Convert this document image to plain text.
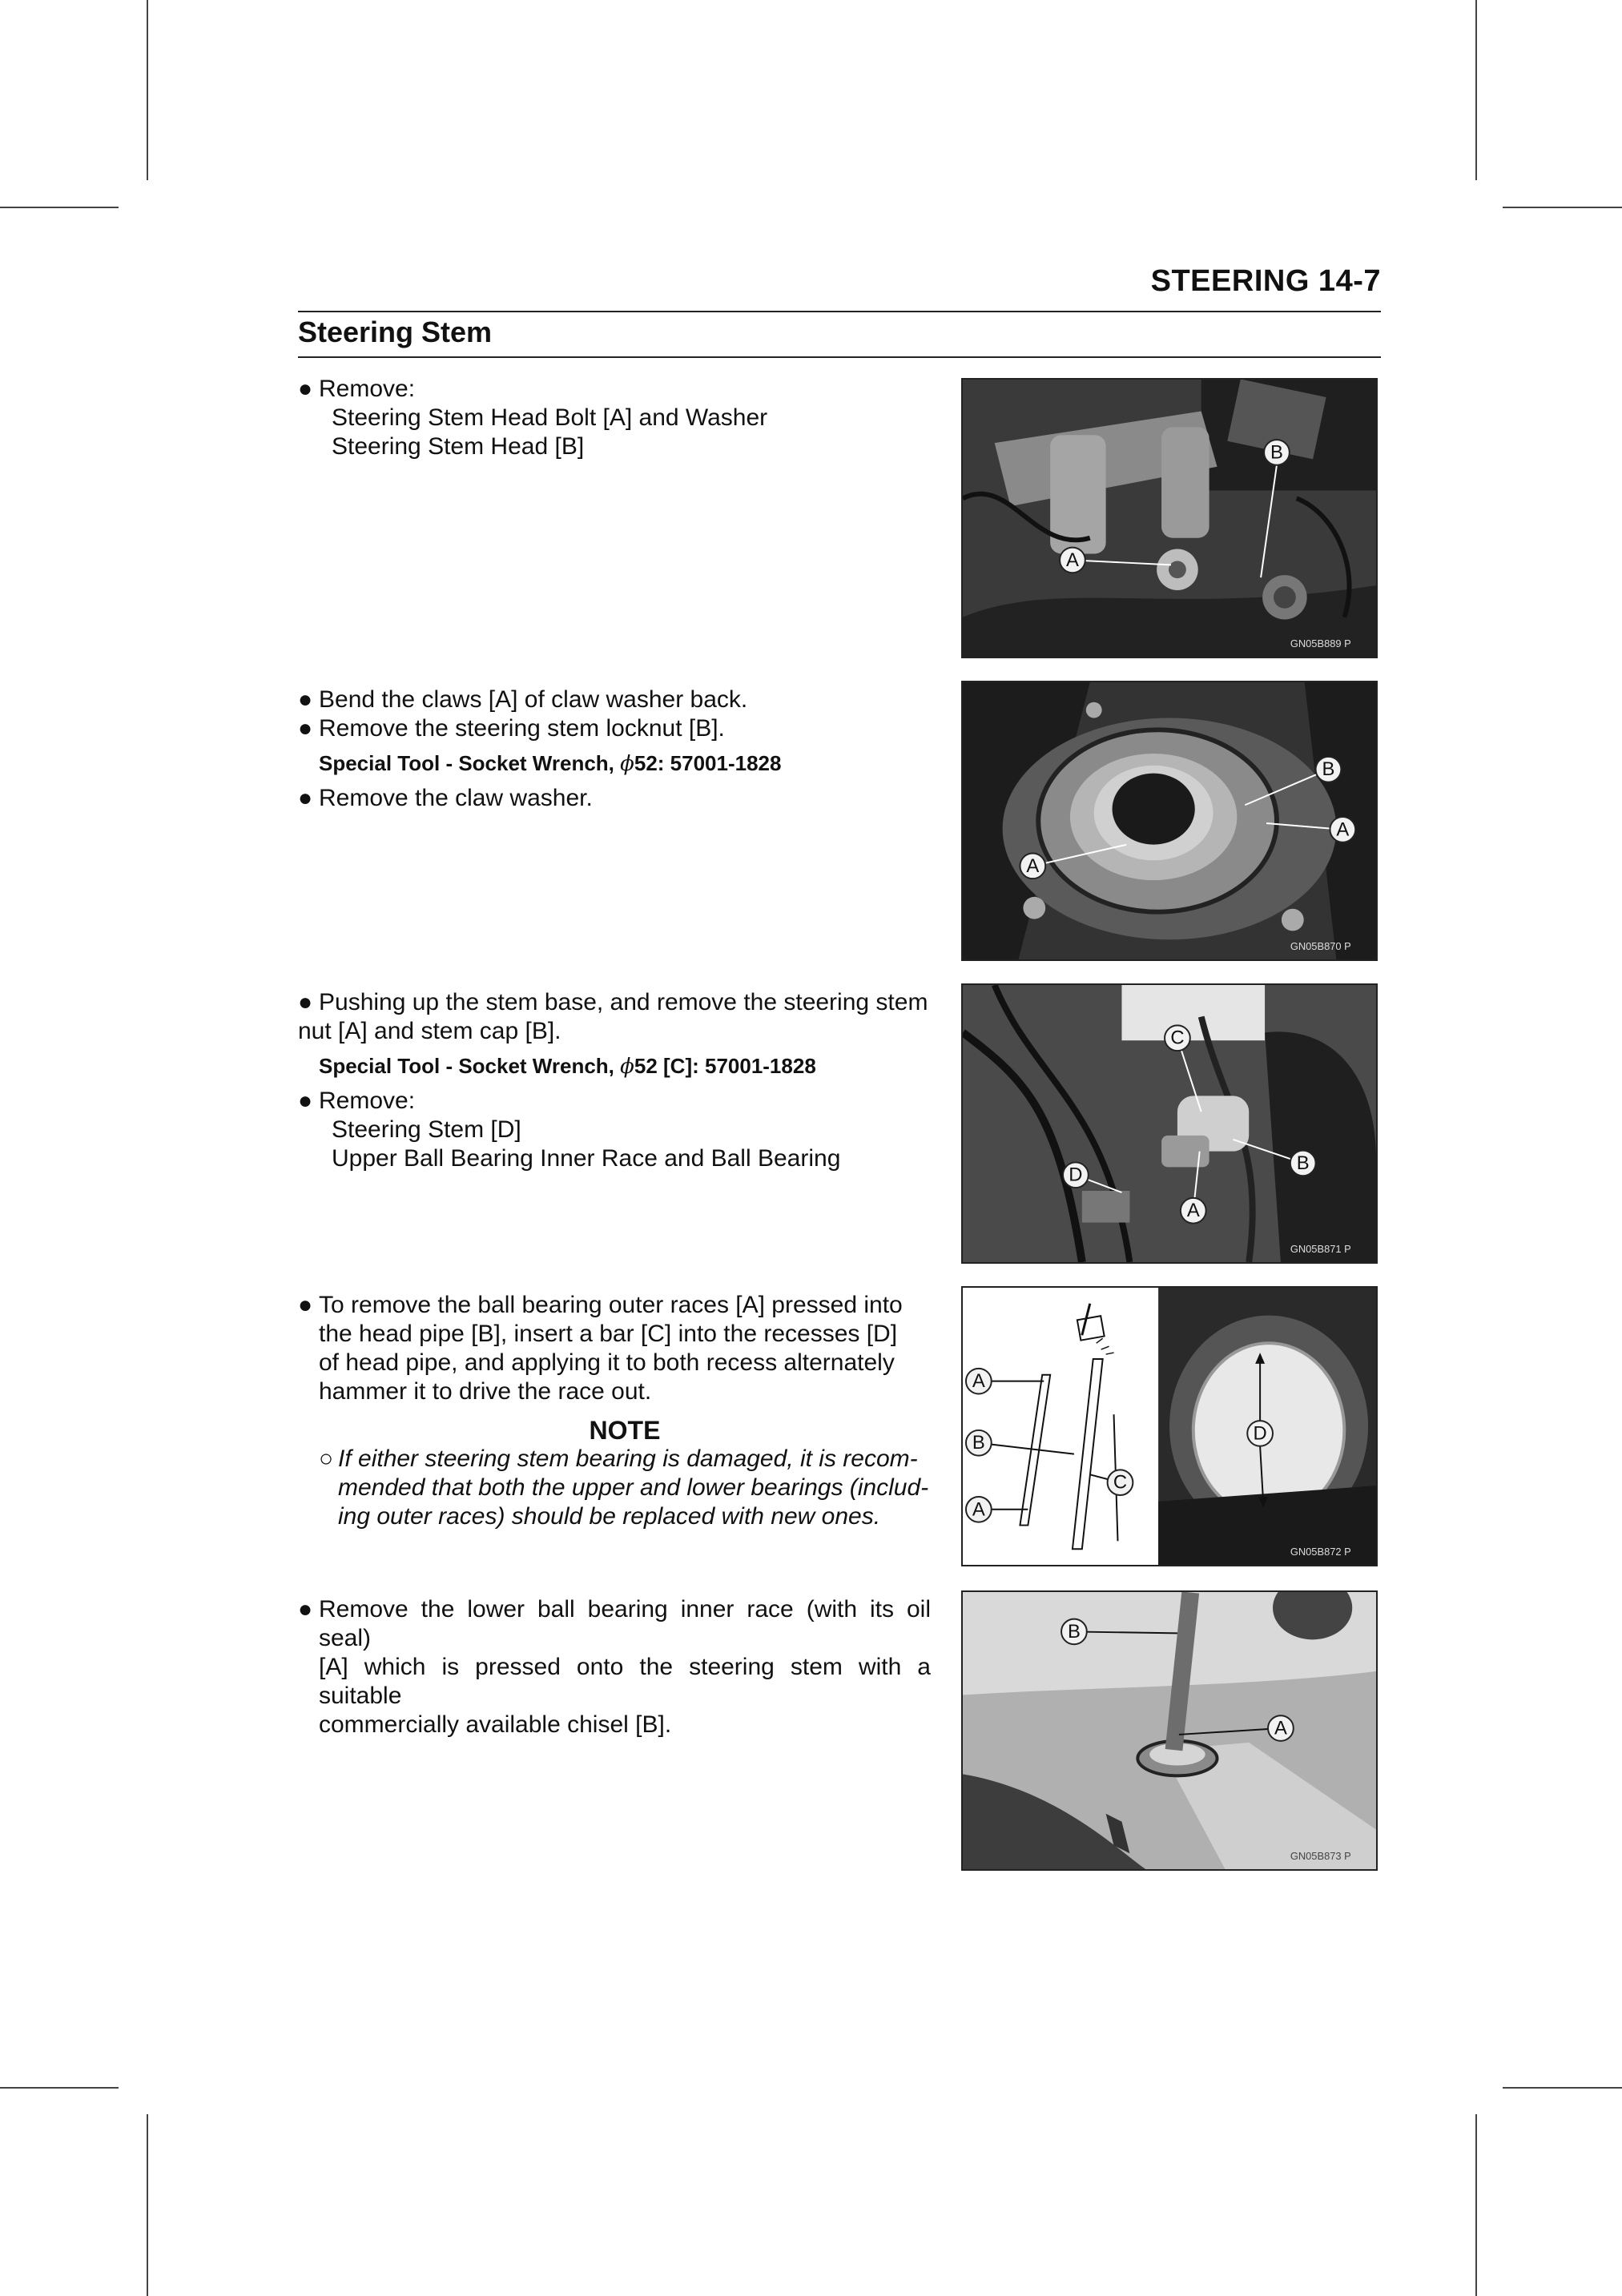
STEERING 14-7
Steering Stem
● Remove:
Steering Stem Head Bolt [A] and Washer
Steering Stem Head [B]
● Bend the claws [A] of claw washer back.
● Remove the steering stem locknut [B].
Special Tool - Socket Wrench, ϕ52: 57001-1828
● Remove the claw washer.
● Pushing up the stem base, and remove the steering stem
nut [A] and stem cap [B].
Special Tool - Socket Wrench, ϕ52 [C]: 57001-1828
● Remove:
Steering Stem [D]
Upper Ball Bearing Inner Race and Ball Bearing
● To remove the ball bearing outer races [A] pressed into
the head pipe [B], insert a bar [C] into the recesses [D]
of head pipe, and applying it to both recess alternately
hammer it to drive the race out.
NOTE
○ If either steering stem bearing is damaged, it is recom-
mended that both the upper and lower bearings (includ-
ing outer races) should be replaced with new ones.
● Remove the lower ball bearing inner race (with its oil seal)
[A] which is pressed onto the steering stem with a suitable
commercially available chisel [B].
A
B
GN05B889 P
A
B
A
GN05B870 P
C
D
A
B
GN05B871 P
A
B
A
C
D
GN05B872 P
B
A
GN05B873 P
